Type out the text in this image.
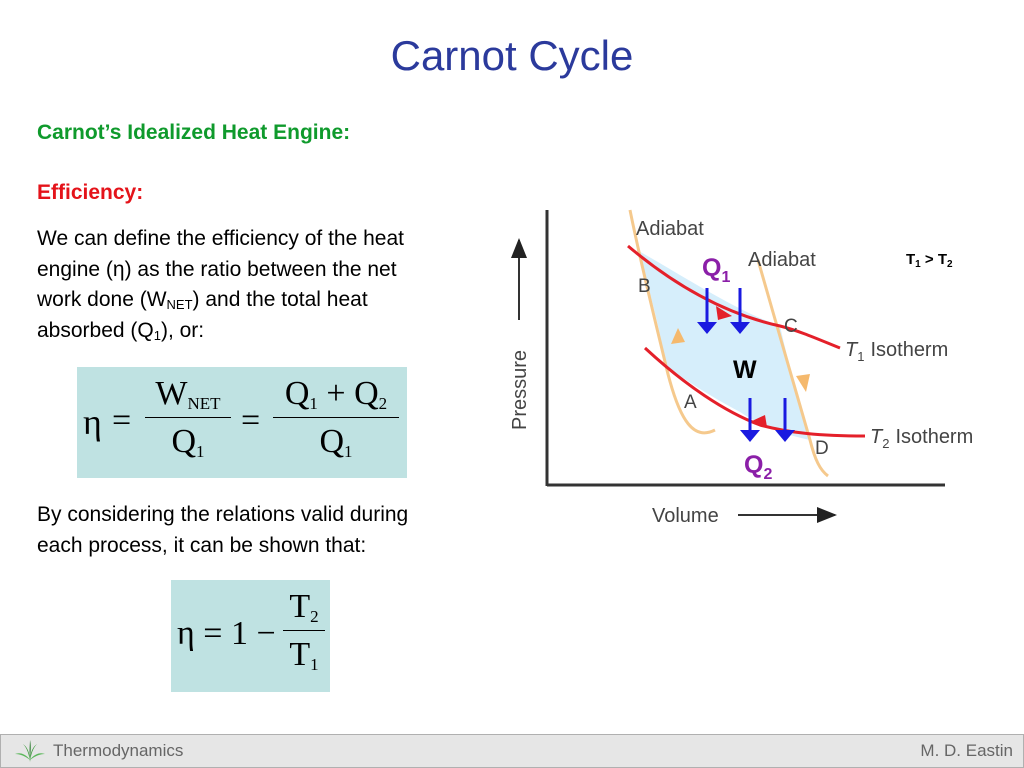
Carnot Cycle
Carnot’s Idealized Heat Engine:
Efficiency:
We can define the efficiency of the heat
engine (η) as the ratio between the net
work done $(W_{NET})$ and the total heat
absorbed $(Q_1)$, or:
η =
$W_{NET}$
$Q_1$
= $\frac{Q_1 + Q_2}{Q_1}$
By considering the relations valid during
each process, it can be shown that:
$\eta = 1 - \frac{T_2}{T_1}$
Pressure
Volume
Adiabat
Adiabat
$T_1$ Isotherm
$T_2$ Isotherm
A
B
C
D
$Q_1$
$Q_2$
W
$T_1 > T_2$
Thermodynamics	M. D. Eastin
